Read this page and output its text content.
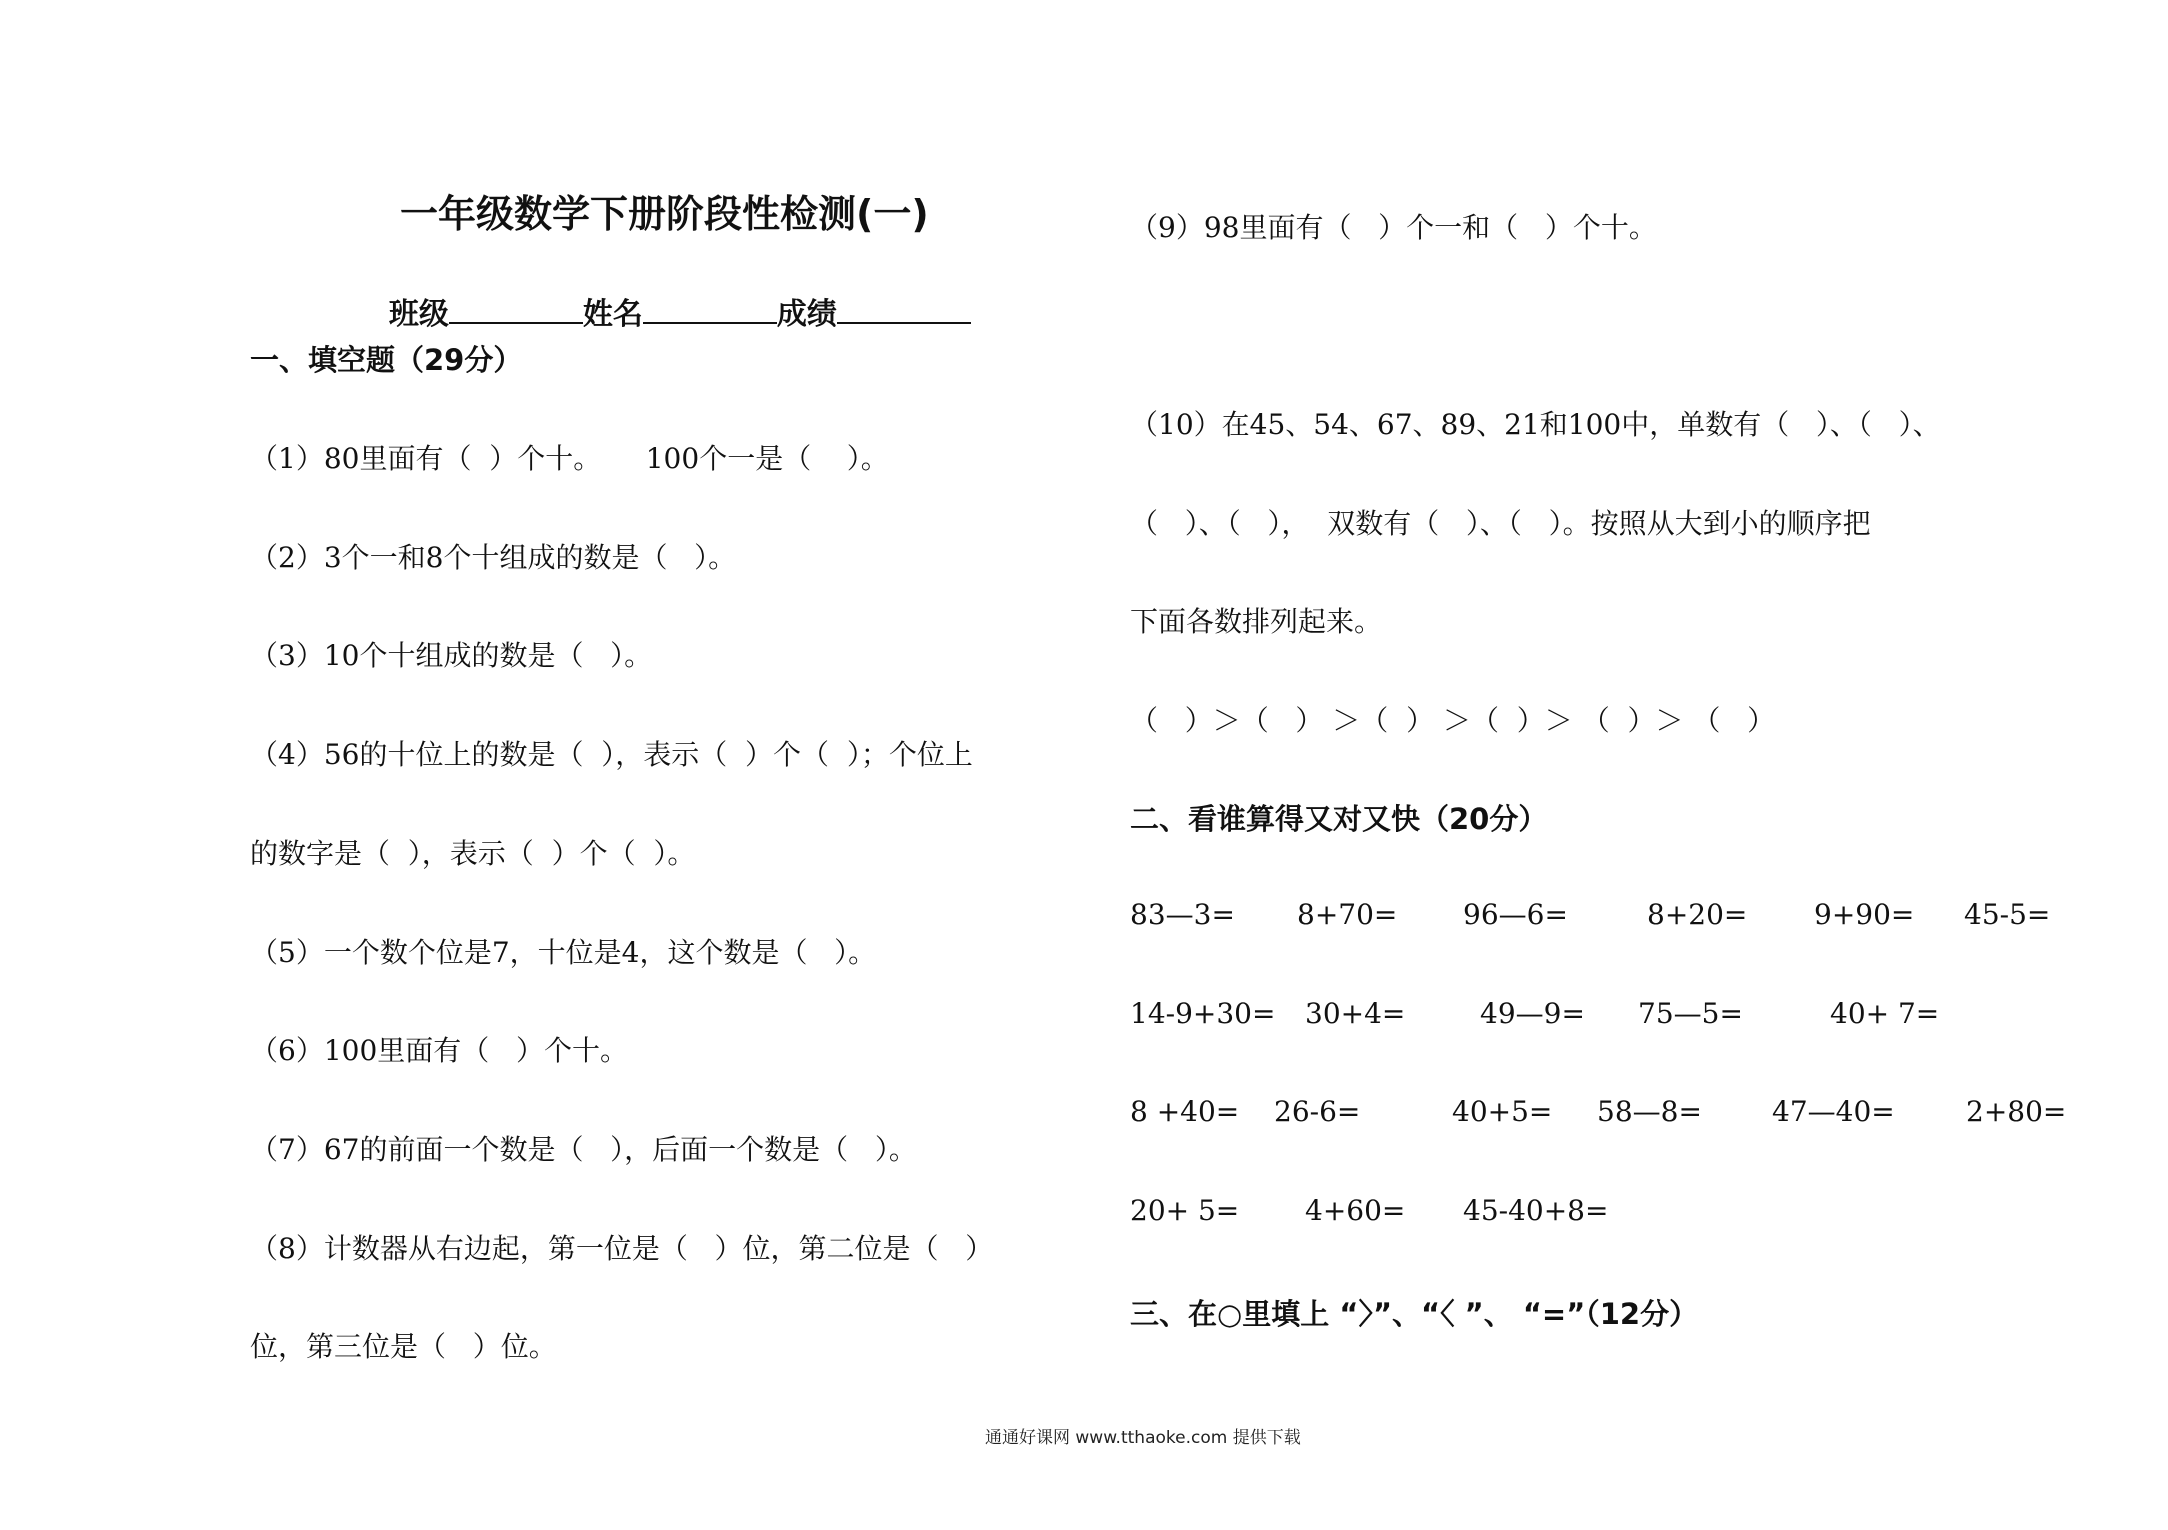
一年级数学下册阶段性检测(一)

班级	姓名	成绩

一、填空题（29分）
（1）80里面有（  ）个十。     100个一是（    ）。
（2）3个一和8个十组成的数是（   ）。
（3）10个十组成的数是（   ）。
（4）56的十位上的数是（  ），表示（  ）个（  ）；个位上
的数字是（  ），表示（  ）个（  ）。
（5）一个数个位是7，十位是4，这个数是（   ）。
（6）100里面有（   ）个十。
（7）67的前面一个数是（   ），后面一个数是（   ）。
（8）计数器从右边起，第一位是（   ）位，第二位是（   ）
位，第三位是（   ）位。
（9）98里面有（   ）个一和（   ）个十。
（10）在45、54、67、89、21和100中，单数有（   ）、（   ）、
（   ）、（   ），  双数有（   ）、（   ）。按照从大到小的顺序把
下面各数排列起来。
（   ）＞（   ） ＞（  ） ＞（  ）＞ （  ）＞ （   ）
二、看谁算得又对又快（20分）
83—3= 8+70= 96—6=	8+20= 9+90= 45-5=
14-9+30= 30+4=	49—9= 75—5=	40+ 7=
8 +40= 26-6=	40+5= 58—8=	47—40=	2+80=
20+ 5= 4+60= 45-40+8=
三、在○里填上 “〉”、“〈 ”、 “=”（12分）
通通好课网 www.tthaoke.com 提供下载
